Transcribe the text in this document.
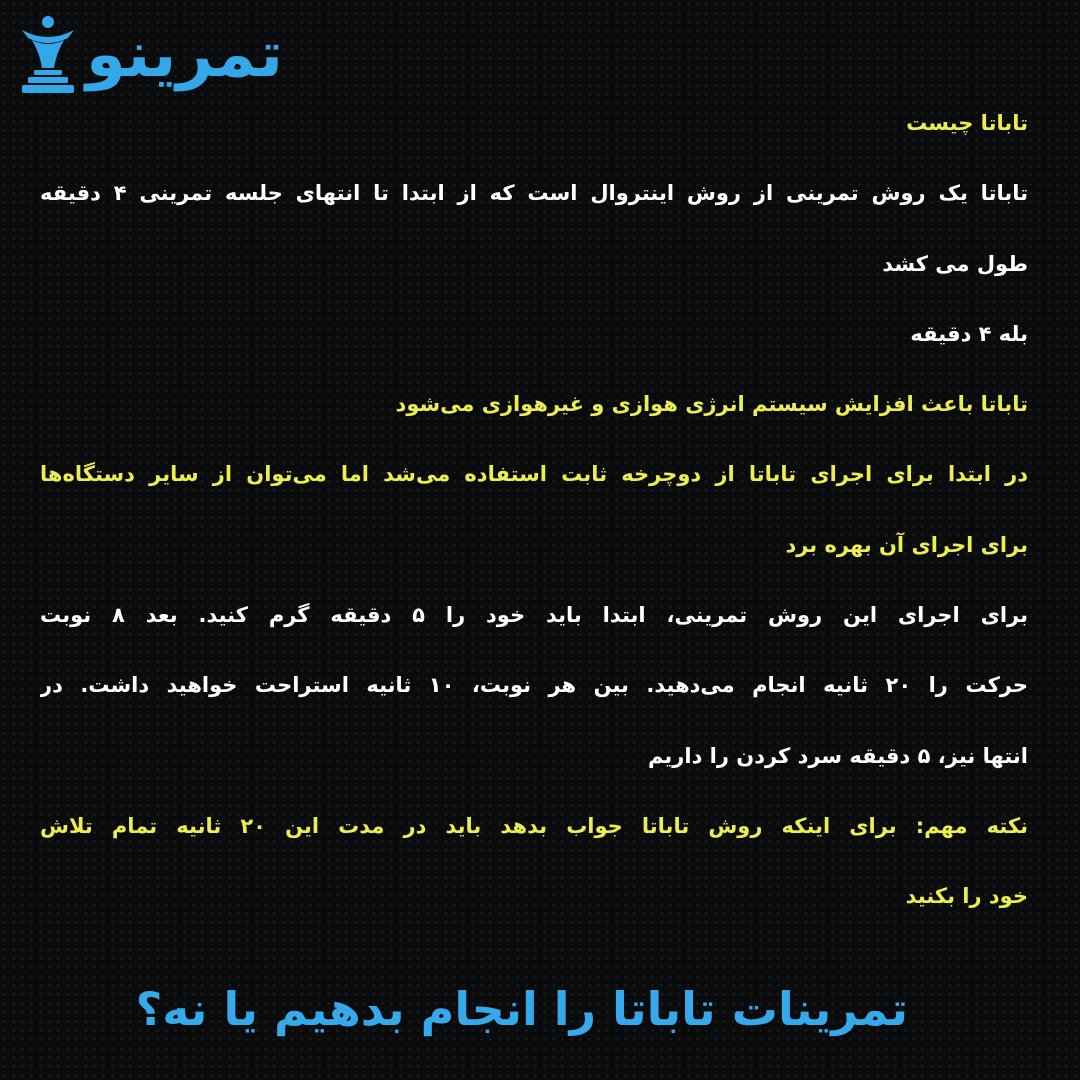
تمرینو
تاباتا چیست
تاباتا یک روش تمرینی از روش اینتروال است که از ابتدا تا انتهای جلسه تمرینی ۴ دقیقه
طول می کشد
بله ۴ دقیقه
تاباتا باعث افزایش سیستم انرژی هوازی و غیرهوازی می‌شود
در ابتدا برای اجرای تاباتا از دوچرخه ثابت استفاده می‌شد اما می‌توان از سایر دستگاه‌ها
برای اجرای آن بهره برد
برای اجرای این روش تمرینی، ابتدا باید خود را ۵ دقیقه گرم کنید. بعد ۸ نوبت
حرکت را ۲۰ ثانیه انجام می‌دهید. بین هر نوبت، ۱۰ ثانیه استراحت خواهید داشت. در
انتها نیز، ۵ دقیقه سرد کردن را داریم
نکته مهم: برای اینکه روش تاباتا جواب بدهد باید در مدت این ۲۰ ثانیه تمام تلاش
خود را بکنید
تمرینات تاباتا را انجام بدهیم یا نه؟
